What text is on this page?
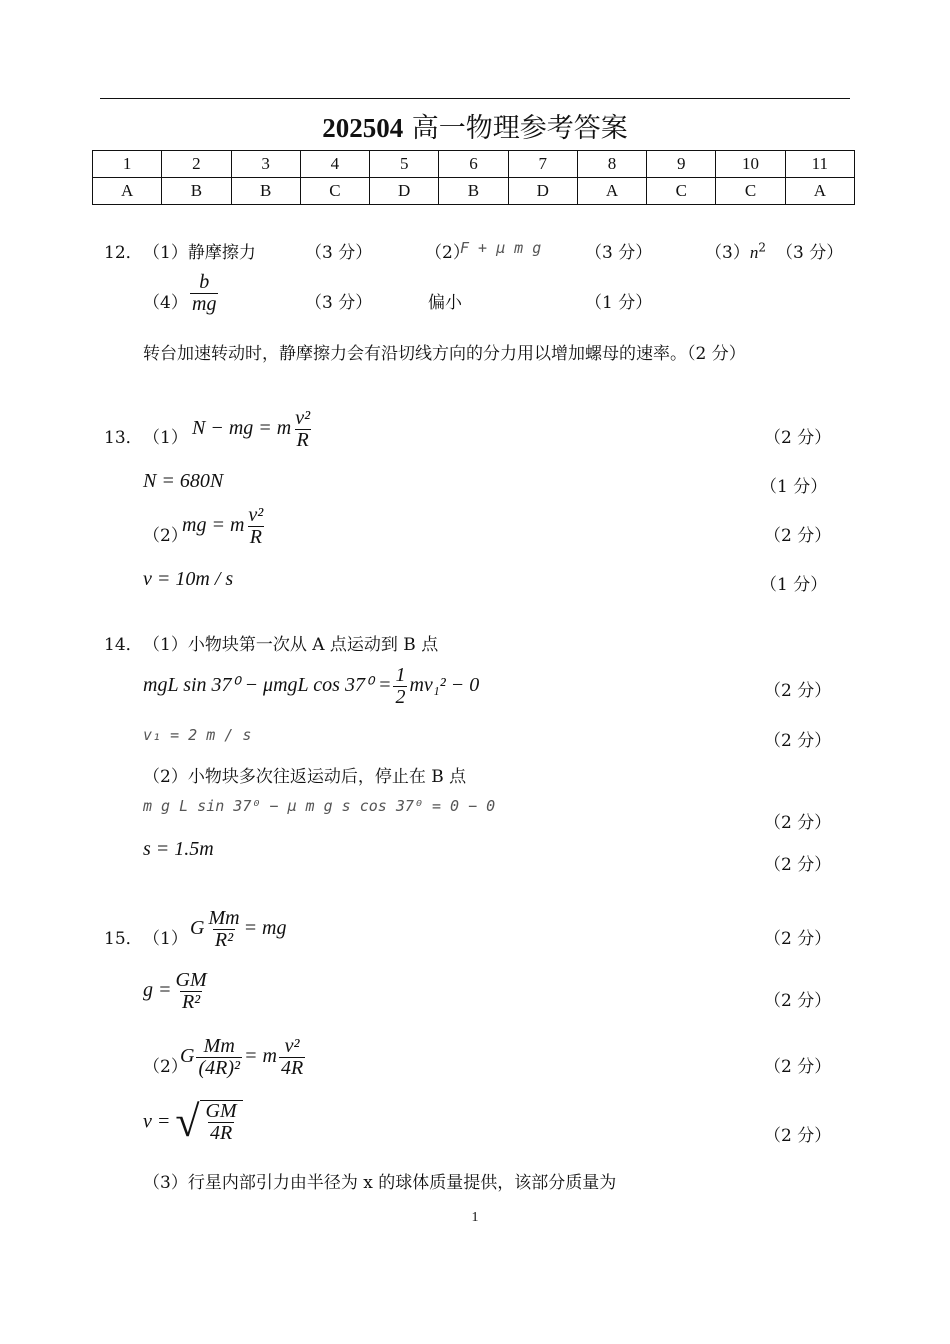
202504 高一物理参考答案
1	2	3	4	5	6	7	8	9	10	11
A	B	B	C	D	B	D	A	C	C	A
12． （1）静摩擦力	（3 分）	（2）
F + μ m g	（3 分）	$(3)n^2$ （3 分）
$(4) \frac{b}{mg}$	（3 分）	偏小	（1 分）
转台加速转动时，静摩擦力会有沿切线方向的分力用以增加螺母的速率。（2 分）
13． （1） N − mg = m $\frac{\text{v²}}{R}$	（2 分）
N = 680N	（1 分）
（2）
mg = m $\frac{\text{v²}}{R}$	（2 分）
v = 10m / s	（1 分）
14． （1）小物块第一次从 A 点运动到 B 点
mgL sin 37⁰ − μmgL $\cos 37^0 = \frac{1}{2} mv_1^2 - 0$	（2 分）
v₁ = 2 m / s	（2 分）
（2）小物块多次往返运动后，停止在 B 点
m g L sin 37⁰ − μ m g s cos 37⁰ = 0 − 0
（2 分）
s = 1.5m
（2 分）
15． （1） G $\frac{Mm}{\text{R²}}$ = mg	（2 分）
$g = \frac{GM}{\text{R²}}$	（2 分）
（2）
G $\frac{Mm}{\text{(4R)²}} = m \frac{\text{v²}}{4R}$	（2 分）
v = √ $\frac{GM}{4R}$	（2 分）
（3）行星内部引力由半径为 x 的球体质量提供，该部分质量为
1
